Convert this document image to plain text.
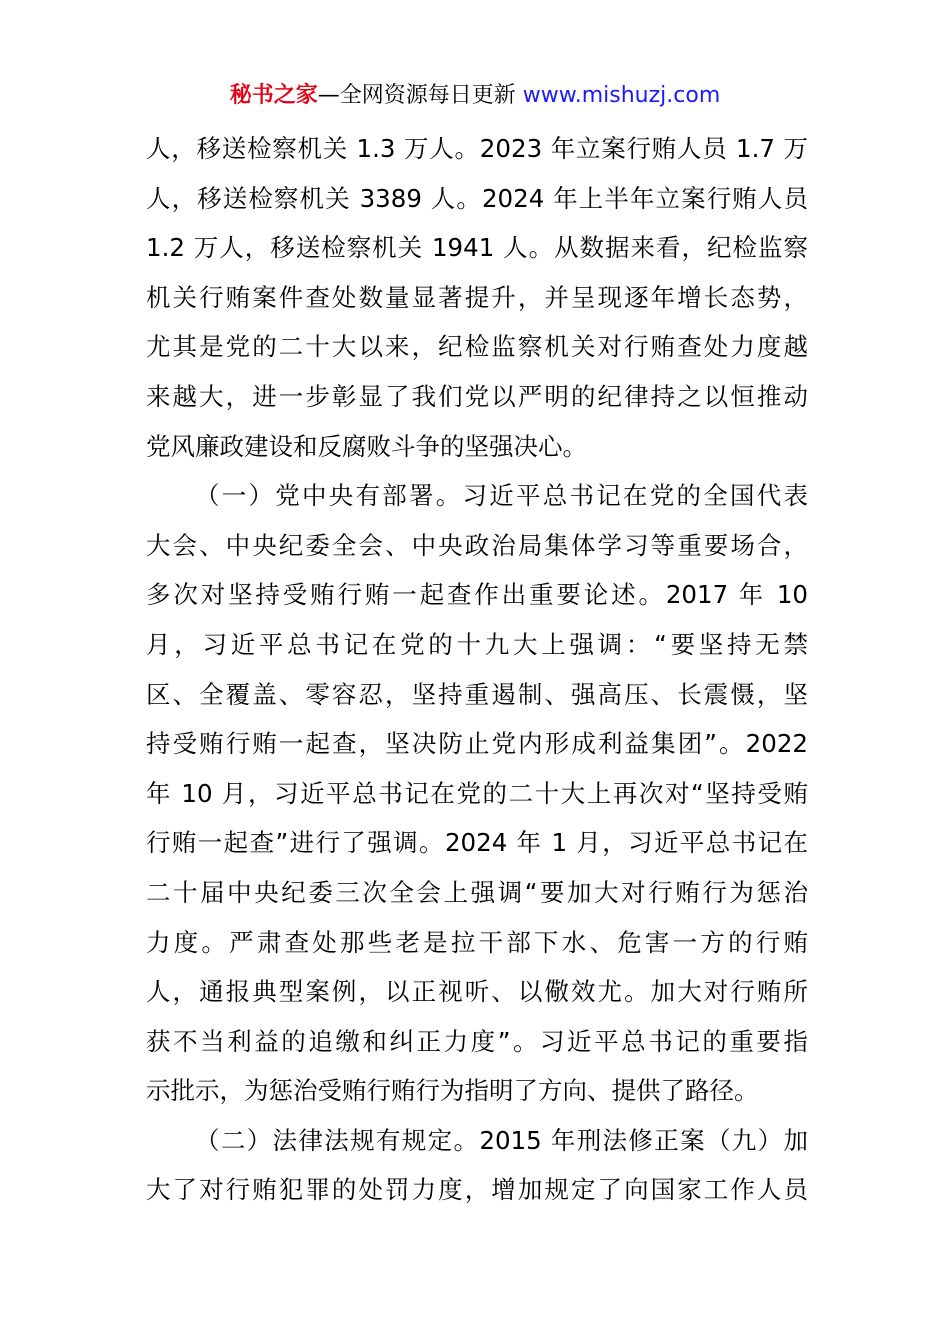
秘书之家—全网资源每日更新 www.mishuzj.com
人，移送检察机关 1.3 万人。2023 年立案行贿人员 1.7 万
人，移送检察机关 3389 人。2024 年上半年立案行贿人员
1.2 万人，移送检察机关 1941 人。从数据来看，纪检监察
机关行贿案件查处数量显著提升，并呈现逐年增长态势，
尤其是党的二十大以来，纪检监察机关对行贿查处力度越
来越大，进一步彰显了我们党以严明的纪律持之以恒推动
党风廉政建设和反腐败斗争的坚强决心。
（一）党中央有部署。习近平总书记在党的全国代表
大会、中央纪委全会、中央政治局集体学习等重要场合，
多次对坚持受贿行贿一起查作出重要论述。2017 年 10
月，习近平总书记在党的十九大上强调：“要坚持无禁
区、全覆盖、零容忍，坚持重遏制、强高压、长震慑，坚
持受贿行贿一起查，坚决防止党内形成利益集团”。2022
年 10 月，习近平总书记在党的二十大上再次对“坚持受贿
行贿一起查”进行了强调。2024 年 1 月，习近平总书记在
二十届中央纪委三次全会上强调“要加大对行贿行为惩治
力度。严肃查处那些老是拉干部下水、危害一方的行贿
人，通报典型案例，以正视听、以儆效尤。加大对行贿所
获不当利益的追缴和纠正力度”。习近平总书记的重要指
示批示，为惩治受贿行贿行为指明了方向、提供了路径。
（二）法律法规有规定。2015 年刑法修正案（九）加
大了对行贿犯罪的处罚力度，增加规定了向国家工作人员
